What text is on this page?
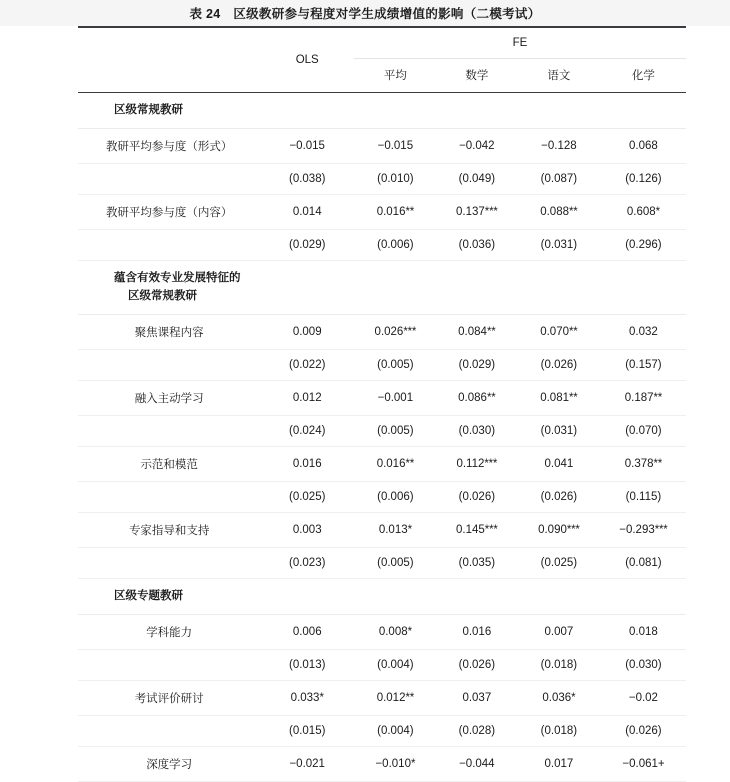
表 24　区级教研参与程度对学生成绩增值的影响（二模考试）

	OLS	FE			
		平均	数学	语文	化学

区级常规教研					
教研平均参与度（形式）	−0.015	−0.015	−0.042	−0.128	0.068
	(0.038)	(0.010)	(0.049)	(0.087)	(0.126)
教研平均参与度（内容）	0.014	0.016**	0.137***	0.088**	0.608*
	(0.029)	(0.006)	(0.036)	(0.031)	(0.296)

蕴含有效专业发展特征的
区级常规教研					

聚焦课程内容	0.009	0.026***	0.084**	0.070**	0.032
	(0.022)	(0.005)	(0.029)	(0.026)	(0.157)
融入主动学习	0.012	−0.001	0.086**	0.081**	0.187**
	(0.024)	(0.005)	(0.030)	(0.031)	(0.070)
示范和模范	0.016	0.016**	0.112***	0.041	0.378**
	(0.025)	(0.006)	(0.026)	(0.026)	(0.115)
专家指导和支持	0.003	0.013*	0.145***	0.090***	−0.293***
	(0.023)	(0.005)	(0.035)	(0.025)	(0.081)
区级专题教研					
学科能力	0.006	0.008*	0.016	0.007	0.018
	(0.013)	(0.004)	(0.026)	(0.018)	(0.030)
考试评价研讨	0.033*	0.012**	0.037	0.036*	−0.02
	(0.015)	(0.004)	(0.028)	(0.018)	(0.026)
深度学习	−0.021	−0.010*	−0.044	0.017	−0.061+
